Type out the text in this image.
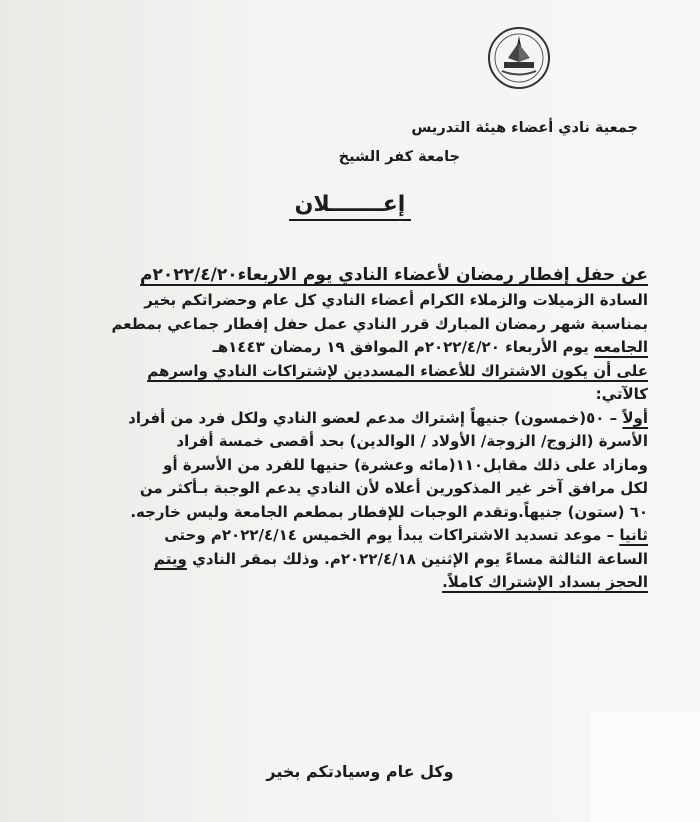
جمعية نادي أعضاء هيئة التدريس
جامعة كفر الشيخ
إعـــــــلان
عن حفل إفطار رمضان لأعضاء النادي يوم الاربعاء٢٠٢٢/٤/٢٠م
السادة الزميلات والزملاء الكرام أعضاء النادي كل عام وحضراتكم بخير
بمناسبة شهر رمضان المبارك قرر النادي عمل حفل إفطار جماعي بمطعم
الجامعه يوم الأربعاء ٢٠٢٢/٤/٢٠م الموافق ١٩ رمضان ١٤٤٣هـ
على أن يكون الاشتراك للأعضاء المسددين لإشتراكات النادي واسرهم
كالآتي:
أولاً – ٥٠(خمسون) جنيهاً إشتراك مدعم لعضو النادي ولكل فرد من أفراد
الأسرة (الزوج/ الزوجة/ الأولاد / الوالدين) بحد أقصى خمسة أفراد
ومازاد على ذلك مقابل١١٠(مائه وعشرة) حنيها للفرد من الأسرة أو
لكل مرافق آخر غير المذكورين أعلاه لأن النادي يدعم الوجبة بـأكثر من
٦٠ (ستون) جنيهاً.وتقدم الوجبات للإفطار بمطعم الجامعة وليس خارجه.
ثانيا – موعد تسديد الاشتراكات يبدأ يوم الخميس ٢٠٢٢/٤/١٤م وحتى
الساعة الثالثة مساءً يوم الإثنين ٢٠٢٢/٤/١٨م. وذلك بمقر النادي ويتم
الحجز بسداد الإشتراك كاملاً.
وكل عام وسيادتكم بخير
